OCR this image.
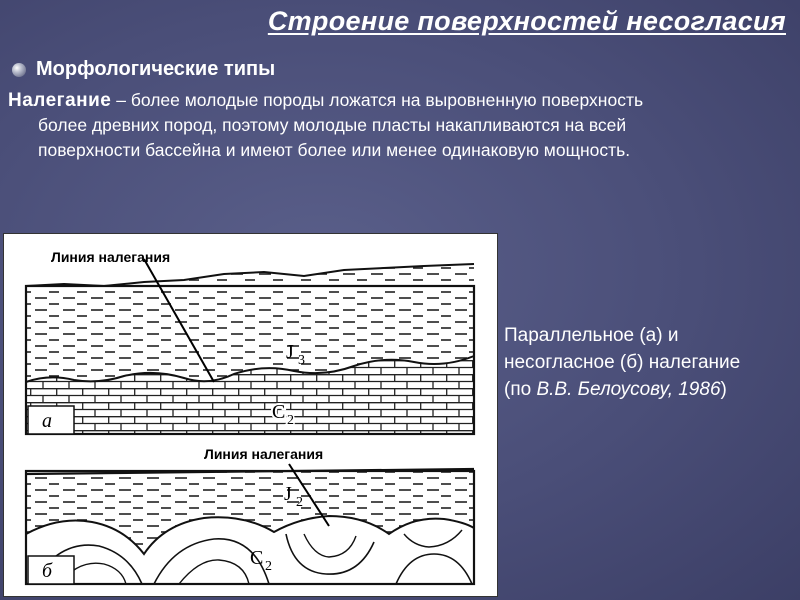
Строение поверхностей несогласия
Морфологические типы
Налегание – более молодые породы ложатся на выровненную поверхность
более древних пород, поэтому молодые пласты накапливаются на всей
поверхности бассейна и имеют более или менее одинаковую мощность.
Линия налегания
Линия налегания
а
б
J 3
C 2
J 2
C 2
Параллельное (а) и
несогласное (б) налегание
(по В.В. Белоусову, 1986)
